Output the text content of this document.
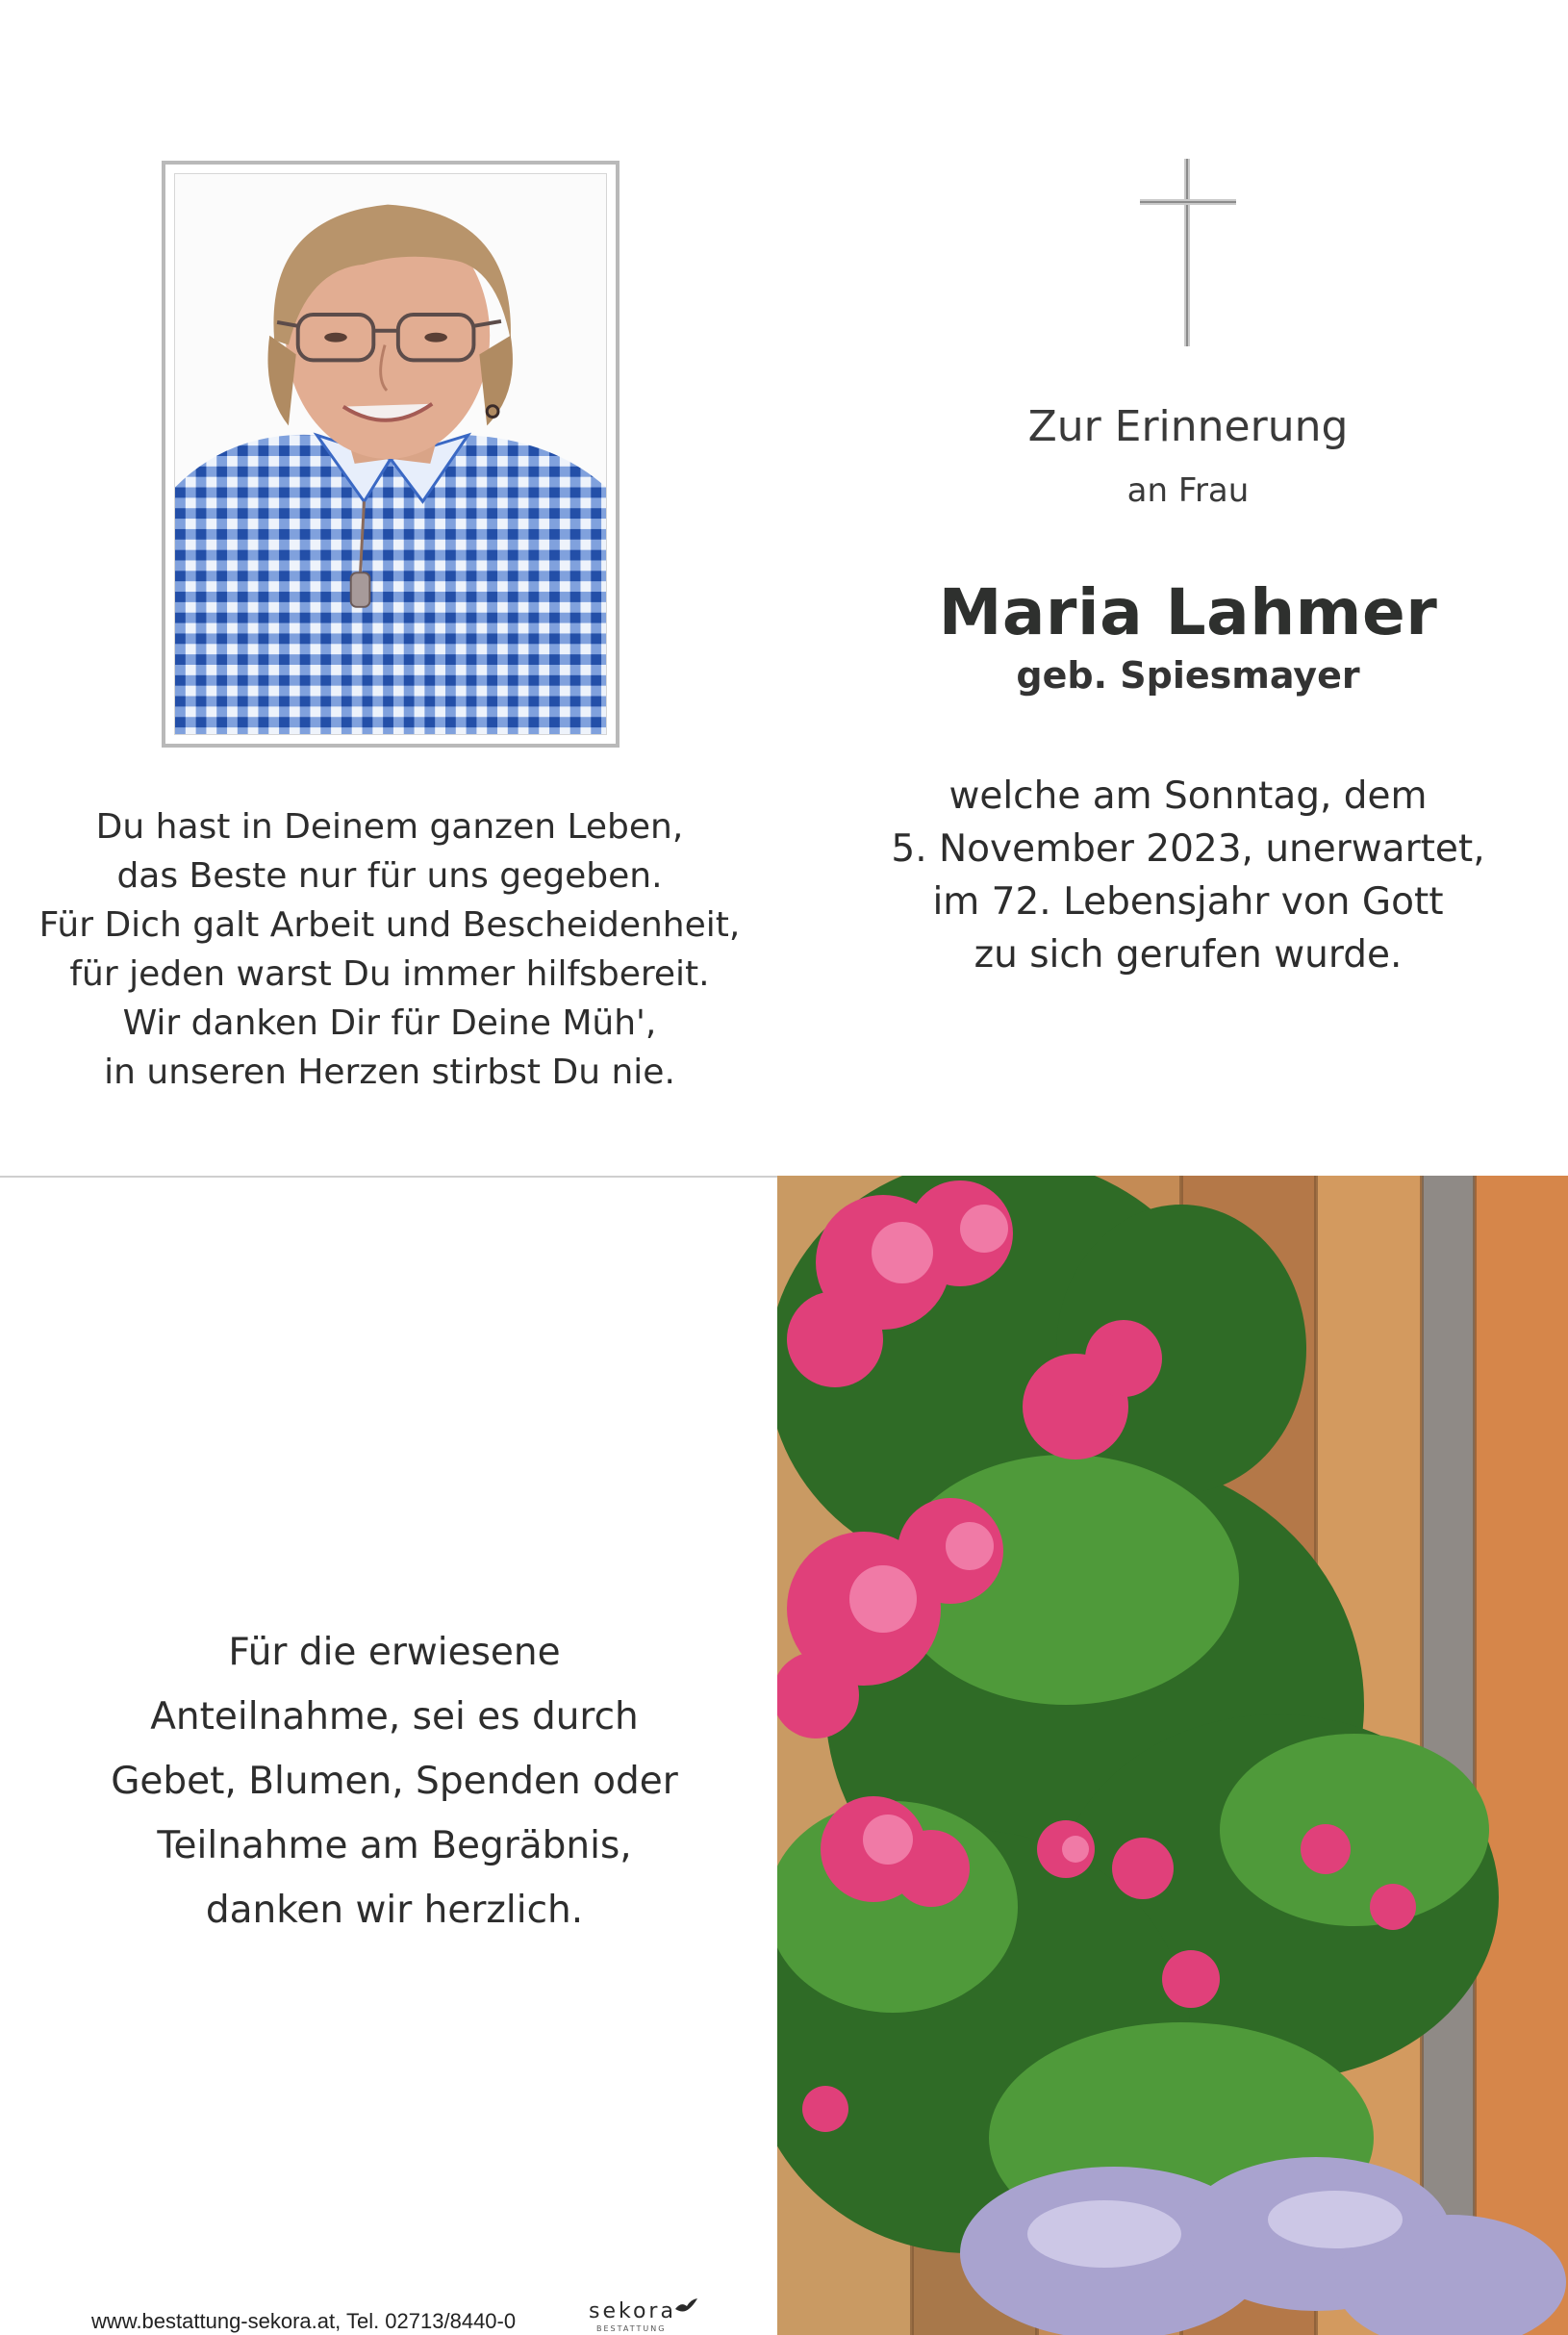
Zur Erinnerung
an Frau
Maria Lahmer
geb. Spiesmayer
welche am Sonntag, dem
5. November 2023, unerwartet,
im 72. Lebensjahr von Gott
zu sich gerufen wurde.
Du hast in Deinem ganzen Leben,
das Beste nur für uns gegeben.
Für Dich galt Arbeit und Bescheidenheit,
für jeden warst Du immer hilfsbereit.
Wir danken Dir für Deine Müh',
in unseren Herzen stirbst Du nie.
Für die erwiesene
Anteilnahme, sei es durch
Gebet, Blumen, Spenden oder
Teilnahme am Begräbnis,
danken wir herzlich.
www.bestattung-sekora.at, Tel. 02713/8440-0	sekora
BESTATTUNG
